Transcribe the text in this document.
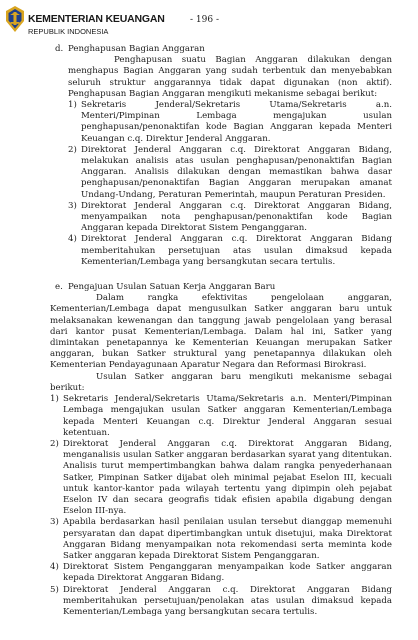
KEMENTERIAN KEUANGAN
REPUBLIK INDONESIA
- 196 -
d. Penghapusan Bagian Anggaran

Penghapusan suatu Bagian Anggaran dilakukan dengan menghapus Bagian Anggaran yang sudah terbentuk dan menyebabkan seluruh struktur anggarannya tidak dapat digunakan (non aktif). Penghapusan Bagian Anggaran mengikuti mekanisme sebagai berikut:

1) Sekretaris Jenderal/Sekretaris Utama/Sekretaris a.n. Menteri/Pimpinan Lembaga mengajukan usulan penghapusan/penonaktifan kode Bagian Anggaran kepada Menteri Keuangan c.q. Direktur Jenderal Anggaran.
2) Direktorat Jenderal Anggaran c.q. Direktorat Anggaran Bidang, melakukan analisis atas usulan penghapusan/penonaktifan Bagian Anggaran. Analisis dilakukan dengan memastikan bahwa dasar penghapusan/penonaktifan Bagian Anggaran merupakan amanat Undang-Undang, Peraturan Pemerintah, maupun Peraturan Presiden.
3) Direktorat Jenderal Anggaran c.q. Direktorat Anggaran Bidang, menyampaikan nota penghapusan/penonaktifan kode Bagian Anggaran kepada Direktorat Sistem Penganggaran.
4) Direktorat Jenderal Anggaran c.q. Direktorat Anggaran Bidang memberitahukan persetujuan atas usulan dimaksud kepada Kementerian/Lembaga yang bersangkutan secara tertulis.
e. Pengajuan Usulan Satuan Kerja Anggaran Baru

Dalam rangka efektivitas pengelolaan anggaran, Kementerian/Lembaga dapat mengusulkan Satker anggaran baru untuk melaksanakan kewenangan dan tanggung jawab pengelolaan yang berasal dari kantor pusat Kementerian/Lembaga. Dalam hal ini, Satker yang dimintakan penetapannya ke Kementerian Keuangan merupakan Satker anggaran, bukan Satker struktural yang penetapannya dilakukan oleh Kementerian Pendayagunaan Aparatur Negara dan Reformasi Birokrasi.

Usulan Satker anggaran baru mengikuti mekanisme sebagai berikut:

1) Sekretaris Jenderal/Sekretaris Utama/Sekretaris a.n. Menteri/Pimpinan Lembaga mengajukan usulan Satker anggaran Kementerian/Lembaga kepada Menteri Keuangan c.q. Direktur Jenderal Anggaran sesuai ketentuan.
2) Direktorat Jenderal Anggaran c.q. Direktorat Anggaran Bidang, menganalisis usulan Satker anggaran berdasarkan syarat yang ditentukan. Analisis turut mempertimbangkan bahwa dalam rangka penyederhanaan Satker, Pimpinan Satker dijabat oleh minimal pejabat Eselon III, kecuali untuk kantor-kantor pada wilayah tertentu yang dipimpin oleh pejabat Eselon IV dan secara geografis tidak efisien apabila digabung dengan Eselon III-nya.
3) Apabila berdasarkan hasil penilaian usulan tersebut dianggap memenuhi persyaratan dan dapat dipertimbangkan untuk disetujui, maka Direktorat Anggaran Bidang menyampaikan nota rekomendasi serta meminta kode Satker anggaran kepada Direktorat Sistem Penganggaran.
4) Direktorat Sistem Penganggaran menyampaikan kode Satker anggaran kepada Direktorat Anggaran Bidang.
5) Direktorat Jenderal Anggaran c.q. Direktorat Anggaran Bidang memberitahukan persetujuan/penolakan atas usulan dimaksud kepada Kementerian/Lembaga yang bersangkutan secara tertulis.
